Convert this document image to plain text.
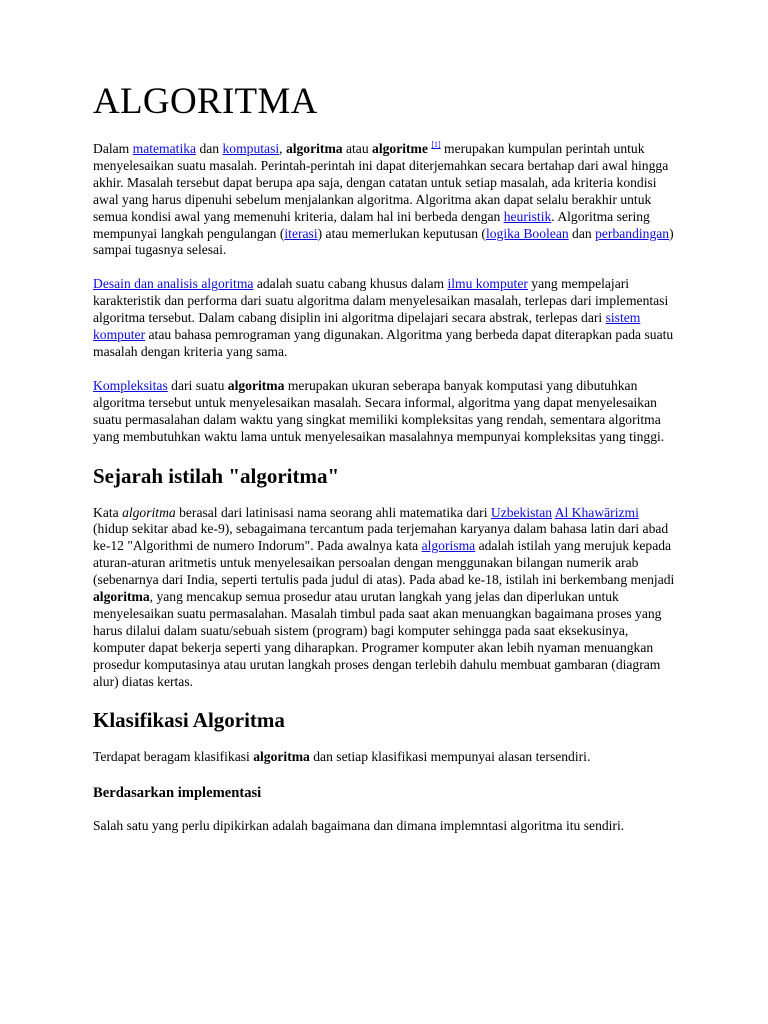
ALGORITMA

Dalam matematika dan komputasi, algoritma atau algoritme [1] merupakan kumpulan perintah untuk menyelesaikan suatu masalah. Perintah-perintah ini dapat diterjemahkan secara bertahap dari awal hingga akhir. Masalah tersebut dapat berupa apa saja, dengan catatan untuk setiap masalah, ada kriteria kondisi awal yang harus dipenuhi sebelum menjalankan algoritma. Algoritma akan dapat selalu berakhir untuk semua kondisi awal yang memenuhi kriteria, dalam hal ini berbeda dengan heuristik. Algoritma sering mempunyai langkah pengulangan (iterasi) atau memerlukan keputusan (logika Boolean dan perbandingan) sampai tugasnya selesai.

Desain dan analisis algoritma adalah suatu cabang khusus dalam ilmu komputer yang mempelajari karakteristik dan performa dari suatu algoritma dalam menyelesaikan masalah, terlepas dari implementasi algoritma tersebut. Dalam cabang disiplin ini algoritma dipelajari secara abstrak, terlepas dari sistem komputer atau bahasa pemrograman yang digunakan. Algoritma yang berbeda dapat diterapkan pada suatu masalah dengan kriteria yang sama.

Kompleksitas dari suatu algoritma merupakan ukuran seberapa banyak komputasi yang dibutuhkan algoritma tersebut untuk menyelesaikan masalah. Secara informal, algoritma yang dapat menyelesaikan suatu permasalahan dalam waktu yang singkat memiliki kompleksitas yang rendah, sementara algoritma yang membutuhkan waktu lama untuk menyelesaikan masalahnya mempunyai kompleksitas yang tinggi.

Sejarah istilah "algoritma"

Kata algoritma berasal dari latinisasi nama seorang ahli matematika dari Uzbekistan Al Khawārizmi (hidup sekitar abad ke-9), sebagaimana tercantum pada terjemahan karyanya dalam bahasa latin dari abad ke-12 "Algorithmi de numero Indorum". Pada awalnya kata algorisma adalah istilah yang merujuk kepada aturan-aturan aritmetis untuk menyelesaikan persoalan dengan menggunakan bilangan numerik arab (sebenarnya dari India, seperti tertulis pada judul di atas). Pada abad ke-18, istilah ini berkembang menjadi algoritma, yang mencakup semua prosedur atau urutan langkah yang jelas dan diperlukan untuk menyelesaikan suatu permasalahan. Masalah timbul pada saat akan menuangkan bagaimana proses yang harus dilalui dalam suatu/sebuah sistem (program) bagi komputer sehingga pada saat eksekusinya, komputer dapat bekerja seperti yang diharapkan. Programer komputer akan lebih nyaman menuangkan prosedur komputasinya atau urutan langkah proses dengan terlebih dahulu membuat gambaran (diagram alur) diatas kertas.

Klasifikasi Algoritma

Terdapat beragam klasifikasi algoritma dan setiap klasifikasi mempunyai alasan tersendiri.

Berdasarkan implementasi

Salah satu yang perlu dipikirkan adalah bagaimana dan dimana implemntasi algoritma itu sendiri.
